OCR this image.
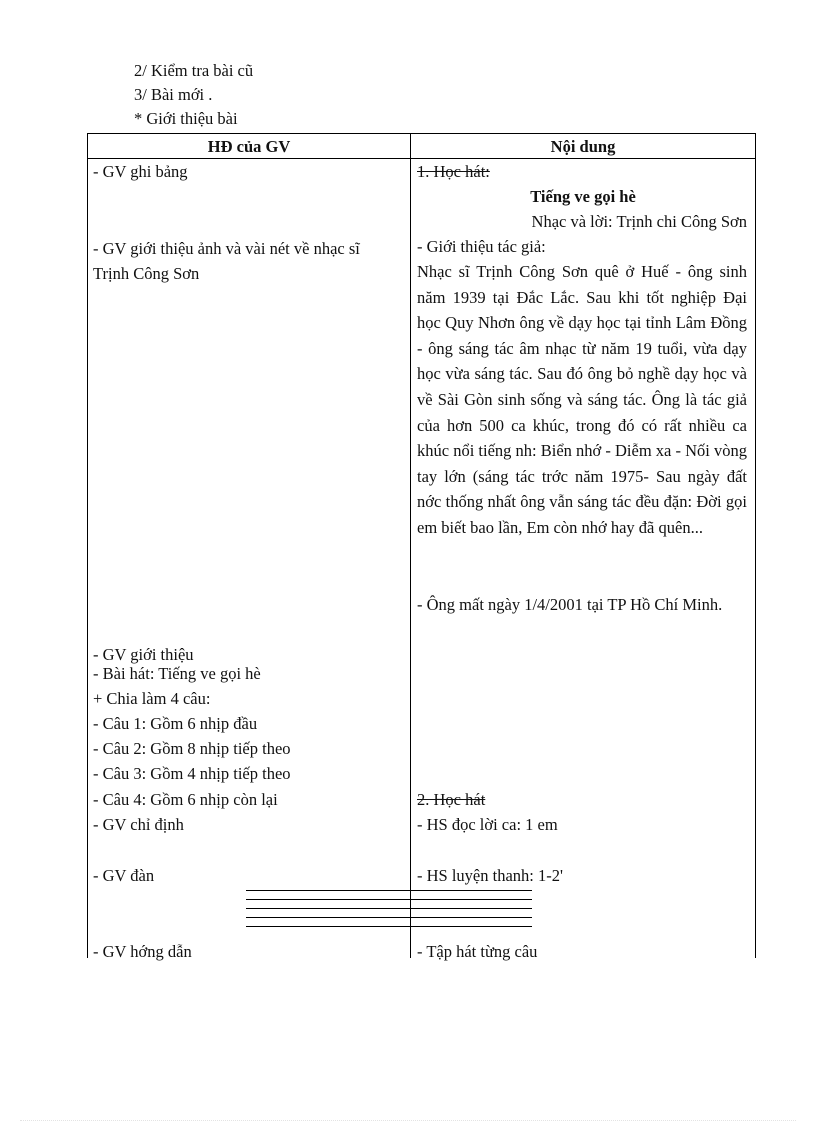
2/ Kiểm tra bài cũ
3/ Bài mới .
* Giới thiệu bài
HĐ của GV	Nội dung
- GV ghi bảng
- GV giới thiệu ảnh và vài nét về nhạc sĩ
Trịnh Công Sơn
- GV giới thiệu
- Bài hát: Tiếng ve gọi hè
+ Chia làm 4 câu:
- Câu 1: Gồm 6 nhịp đầu
- Câu 2: Gồm 8 nhịp tiếp theo
- Câu 3: Gồm 4 nhịp tiếp theo
- Câu 4: Gồm 6 nhịp còn lại
- GV chỉ định
- GV đàn
- GV hớng dẫn
1. Học hát:
Tiếng ve gọi hè
Nhạc và lời: Trịnh chi Công Sơn
- Giới thiệu tác giả:
Nhạc sĩ Trịnh Công Sơn quê ở Huế - ông sinh năm 1939 tại Đắc Lắc. Sau khi tốt nghiệp Đại học Quy Nhơn ông về dạy học tại tỉnh Lâm Đồng - ông sáng tác âm nhạc từ năm 19 tuổi, vừa dạy học vừa sáng tác. Sau đó ông bỏ nghề dạy học và về Sài Gòn sinh sống và sáng tác. Ông là tác giả của hơn 500 ca khúc, trong đó có rất nhiều ca khúc nổi tiếng nh: Biển nhớ - Diễm xa - Nối vòng tay lớn (sáng tác trớc năm 1975- Sau ngày đất nớc thống nhất ông vẫn sáng tác đều đặn: Đời gọi em biết bao lần, Em còn nhớ hay đã quên...
- Ông mất ngày 1/4/2001 tại TP Hồ Chí Minh.
2. Học hát
- HS đọc lời ca: 1 em
- HS luyện thanh: 1-2'
- Tập hát từng câu
